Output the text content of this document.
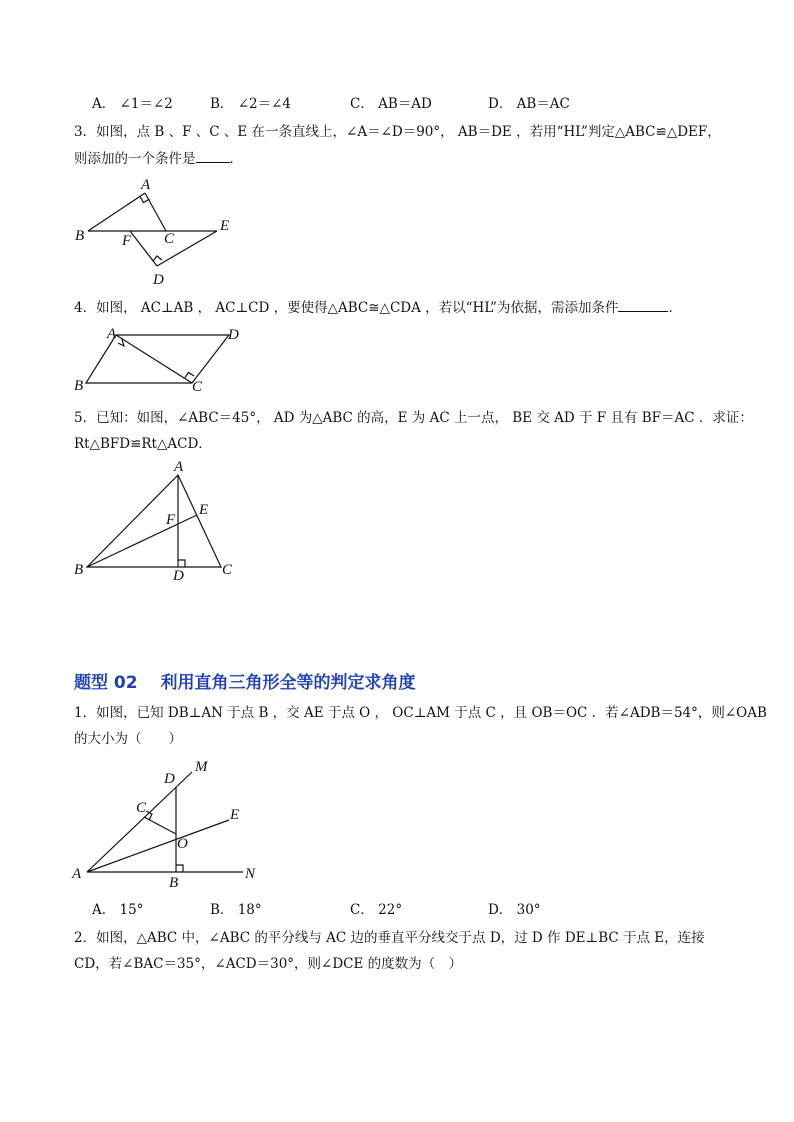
A． ∠1＝∠2	B． ∠2＝∠4	C． AB＝AD	D． AB＝AC
3．如图，点 B 、F 、C 、E 在一条直线上，∠A＝∠D＝90°， AB＝DE ，若用“HL”判定△ABC≌△DEF，
则添加的一个条件是	．
A
B	F C
E
D
4．如图， AC⊥AB ， AC⊥CD ，要使得△ABC≅△CDA ，若以“HL”为依据，需添加条件	．
A	D
B	C
5．已知：如图，∠ABC＝45°， AD 为△ABC 的高，E 为 AC 上一点， BE 交 AD 于 F 且有 BF＝AC ．求证：
Rt△BFD≌Rt△ACD．
A
B	C
D
E
F
题型 02　 利用直角三角形全等的判定求角度
1．如图，已知 DB⊥AN 于点 B ，交 AE 于点 O ， OC⊥AM 于点 C ，且 OB＝OC ．若∠ADB＝54°，则∠OAB
的大小为（　　）
D
M
C	E
O
A	N
B
A． 15°	B． 18°	C． 22°	D． 30°
2．如图，△ABC 中，∠ABC 的平分线与 AC 边的垂直平分线交于点 D，过 D 作 DE⊥BC 于点 E，连接
CD，若∠BAC＝35°，∠ACD＝30°，则∠DCE 的度数为（　）
